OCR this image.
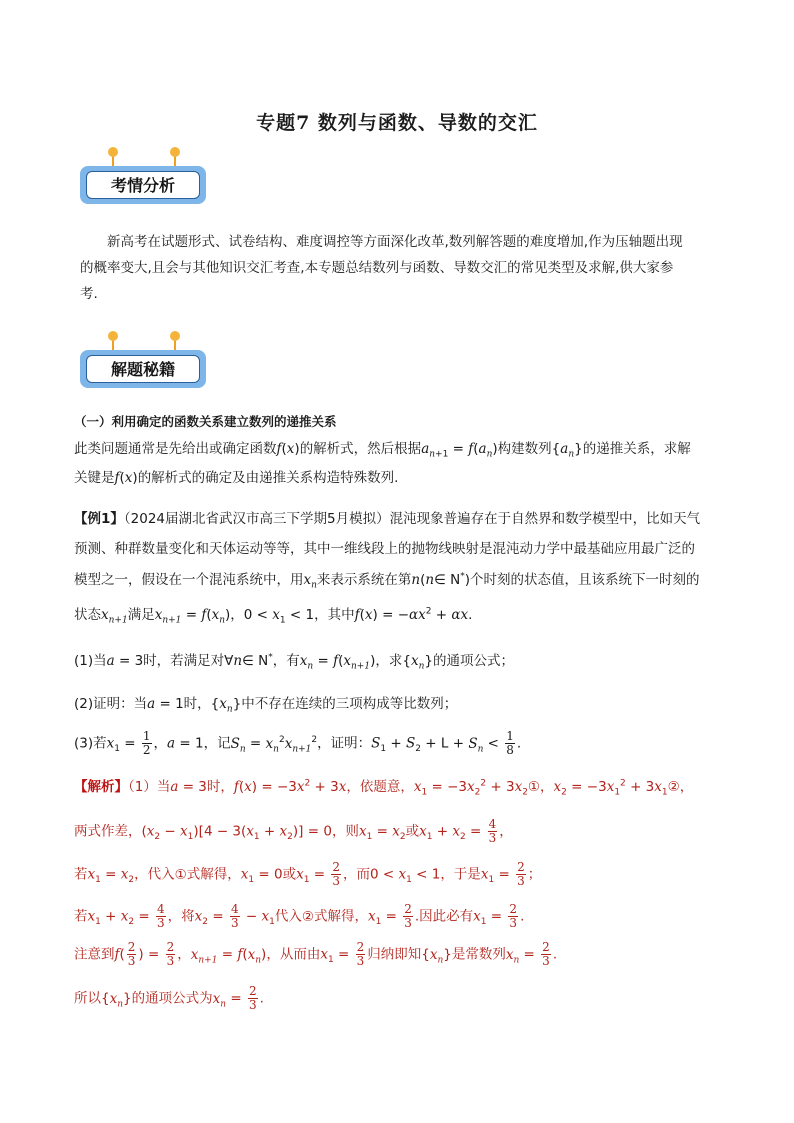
专题7 数列与函数、导数的交汇
考情分析
新高考在试题形式、试卷结构、难度调控等方面深化改革,数列解答题的难度增加,作为压轴题出现
的概率变大,且会与其他知识交汇考查,本专题总结数列与函数、导数交汇的常见类型及求解,供大家参
考.
解题秘籍
（一）利用确定的函数关系建立数列的递推关系
此类问题通常是先给出或确定函数f(x)的解析式，然后根据$a_{n+1} = f(a_n)$构建数列$\{a_n\}$的递推关系，求解
关键是f(x)的解析式的确定及由递推关系构造特殊数列.
【例1】（2024届湖北省武汉市高三下学期5月模拟）混沌现象普遍存在于自然界和数学模型中，比如天气
预测、种群数量变化和天体运动等等，其中一维线段上的抛物线映射是混沌动力学中最基础应用最广泛的
模型之一，假设在一个混沌系统中，用$x_n$来表示系统在第n(n∈ N*)个时刻的状态值，且该系统下一时刻的
状态$x_{n+1}$满足$x_{n+1} = f(x_n)$，$0 < x_1 < 1$，其中$f(x) = -\alpha x^2 + \alpha x$.
(1)当a = 3时，若满足对∀n∈ N*，有$x_n = f(x_{n+1})$，求$\{x_n\}$的通项公式；
(2)证明：当a = 1时，$\{x_n\}$中不存在连续的三项构成等比数列；
(3)若$x_1 = \frac{1}{2}$ ，a = 1，记$S_n = x_n^2x_{n+1}^2$，证明：$S_1 + S_2 + L + S_n < \frac{1}{8}$ .
【解析】（1）当a = 3时，$f(x) = -3x^2 + 3x$，依题意，$x_1 = -3x_2^2$ + $3x_2①$，$x_2 = -3x_1^2$ + $3x_1②$，
两式作差，$(x_2 - x_1)[4 - 3(x_1 + x_2)] = 0$，则$x_1 = x_2$或$x_1 + x_2 = \frac{4}{3}$ ，
若$x_1 = x_2$，代入①式解得，$x_1 = 0$或$x_1 = \frac{2}{3}$ ，而$0 < x_1 < 1$，于是$x_1 = \frac{2}{3}$ ；
若$x_1 + x_2 = \frac{4}{3}$ ，将$x_2 = \frac{4}{3} - x_1$代入②式解得，$x_1 = \frac{2}{3}$ .因此必有$x_1 = \frac{2}{3}$ .
注意到$f( \frac{2}{3}$ ) = $\frac{2}{3}$ ，$x_{n+1} = f(x_n)$，从而由$x_1 = \frac{2}{3}$ 归纳即知$\{x_n\}$是常数列$x_n = \frac{2}{3}$ .
所以$\{x_n\}$的通项公式为$x_n = \frac{2}{3}$ .
